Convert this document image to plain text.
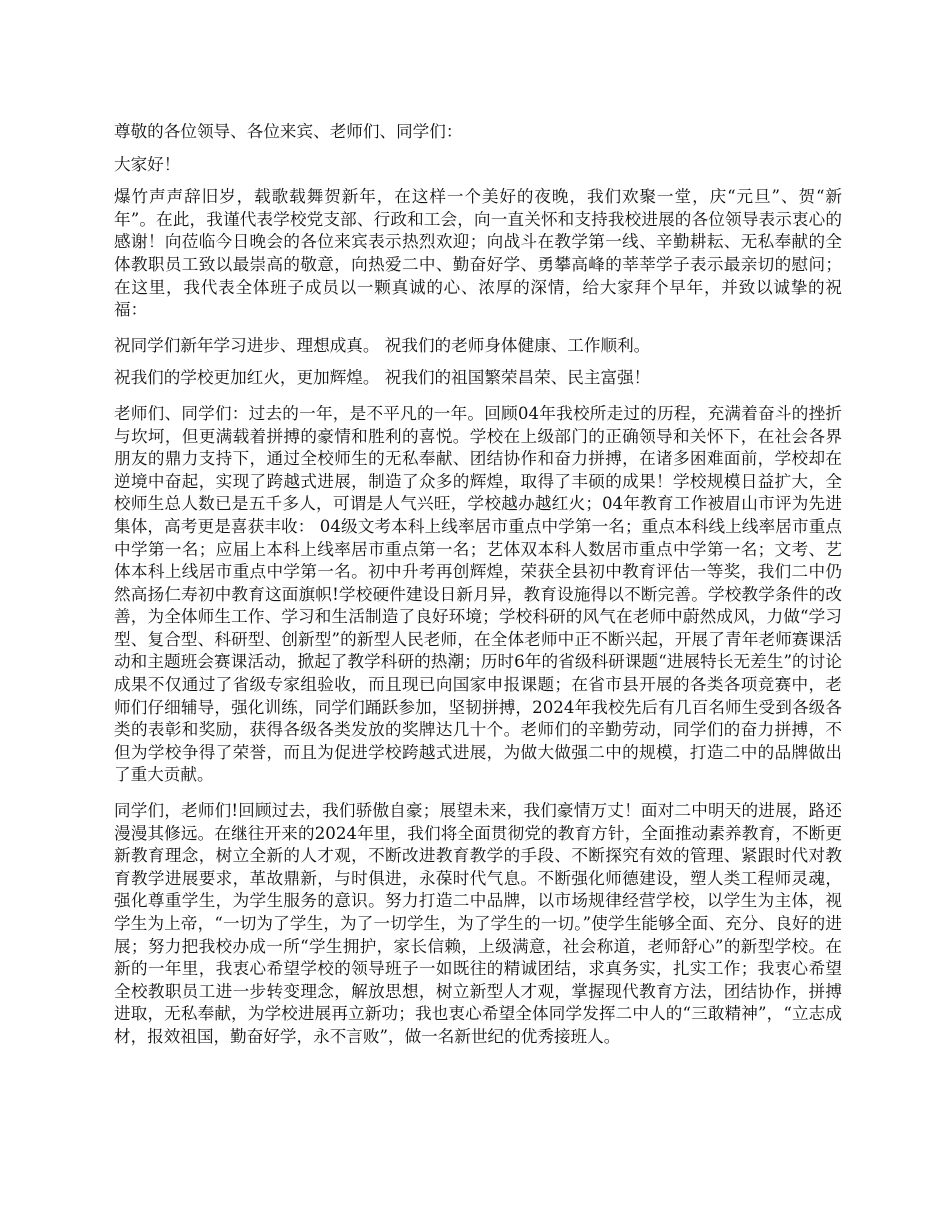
尊敬的各位领导、各位来宾、老师们、同学们：

大家好！

爆竹声声辞旧岁，载歌载舞贺新年，在这样一个美好的夜晚，我们欢聚一堂，庆“元旦”、贺“新年”。在此，我谨代表学校党支部、行政和工会，向一直关怀和支持我校进展的各位领导表示衷心的感谢！向莅临今日晚会的各位来宾表示热烈欢迎；向战斗在教学第一线、辛勤耕耘、无私奉献的全体教职员工致以最崇高的敬意，向热爱二中、勤奋好学、勇攀高峰的莘莘学子表示最亲切的慰问；在这里，我代表全体班子成员以一颗真诚的心、浓厚的深情，给大家拜个早年，并致以诚挚的祝福：

祝同学们新年学习进步、理想成真。 祝我们的老师身体健康、工作顺利。

祝我们的学校更加红火，更加辉煌。 祝我们的祖国繁荣昌荣、民主富强！

老师们、同学们：过去的一年，是不平凡的一年。回顾04年我校所走过的历程，充满着奋斗的挫折与坎坷，但更满载着拼搏的豪情和胜利的喜悦。学校在上级部门的正确领导和关怀下，在社会各界朋友的鼎力支持下，通过全校师生的无私奉献、团结协作和奋力拼搏，在诸多困难面前，学校却在逆境中奋起，实现了跨越式进展，制造了众多的辉煌，取得了丰硕的成果！学校规模日益扩大，全校师生总人数已是五千多人，可谓是人气兴旺，学校越办越红火；04年教育工作被眉山市评为先进集体，高考更是喜获丰收： 04级文考本科上线率居市重点中学第一名；重点本科线上线率居市重点中学第一名；应届上本科上线率居市重点第一名；艺体双本科人数居市重点中学第一名；文考、艺体本科上线居市重点中学第一名。初中升考再创辉煌，荣获全县初中教育评估一等奖，我们二中仍然高扬仁寿初中教育这面旗帜!学校硬件建设日新月异，教育设施得以不断完善。学校教学条件的改善，为全体师生工作、学习和生活制造了良好环境；学校科研的风气在老师中蔚然成风，力做“学习型、复合型、科研型、创新型”的新型人民老师，在全体老师中正不断兴起，开展了青年老师赛课活动和主题班会赛课活动，掀起了教学科研的热潮；历时6年的省级科研课题“进展特长无差生”的讨论成果不仅通过了省级专家组验收，而且现已向国家申报课题；在省市县开展的各类各项竞赛中，老师们仔细辅导，强化训练，同学们踊跃参加，坚韧拼搏，2024年我校先后有几百名师生受到各级各类的表彰和奖励，获得各级各类发放的奖牌达几十个。老师们的辛勤劳动，同学们的奋力拼搏，不但为学校争得了荣誉，而且为促进学校跨越式进展，为做大做强二中的规模，打造二中的品牌做出了重大贡献。

同学们，老师们!回顾过去，我们骄傲自豪；展望未来，我们豪情万丈！面对二中明天的进展，路还漫漫其修远。在继往开来的2024年里，我们将全面贯彻党的教育方针，全面推动素养教育，不断更新教育理念，树立全新的人才观，不断改进教育教学的手段、不断探究有效的管理、紧跟时代对教育教学进展要求，革故鼎新，与时俱进，永葆时代气息。不断强化师德建设，塑人类工程师灵魂，强化尊重学生，为学生服务的意识。努力打造二中品牌，以市场规律经营学校，以学生为主体，视学生为上帝，“一切为了学生，为了一切学生，为了学生的一切。”使学生能够全面、充分、良好的进展；努力把我校办成一所“学生拥护，家长信赖，上级满意，社会称道，老师舒心”的新型学校。在新的一年里，我衷心希望学校的领导班子一如既往的精诚团结，求真务实，扎实工作；我衷心希望全校教职员工进一步转变理念，解放思想，树立新型人才观，掌握现代教育方法，团结协作，拼搏进取，无私奉献，为学校进展再立新功；我也衷心希望全体同学发挥二中人的“三敢精神”，“立志成材，报效祖国，勤奋好学，永不言败”，做一名新世纪的优秀接班人。
